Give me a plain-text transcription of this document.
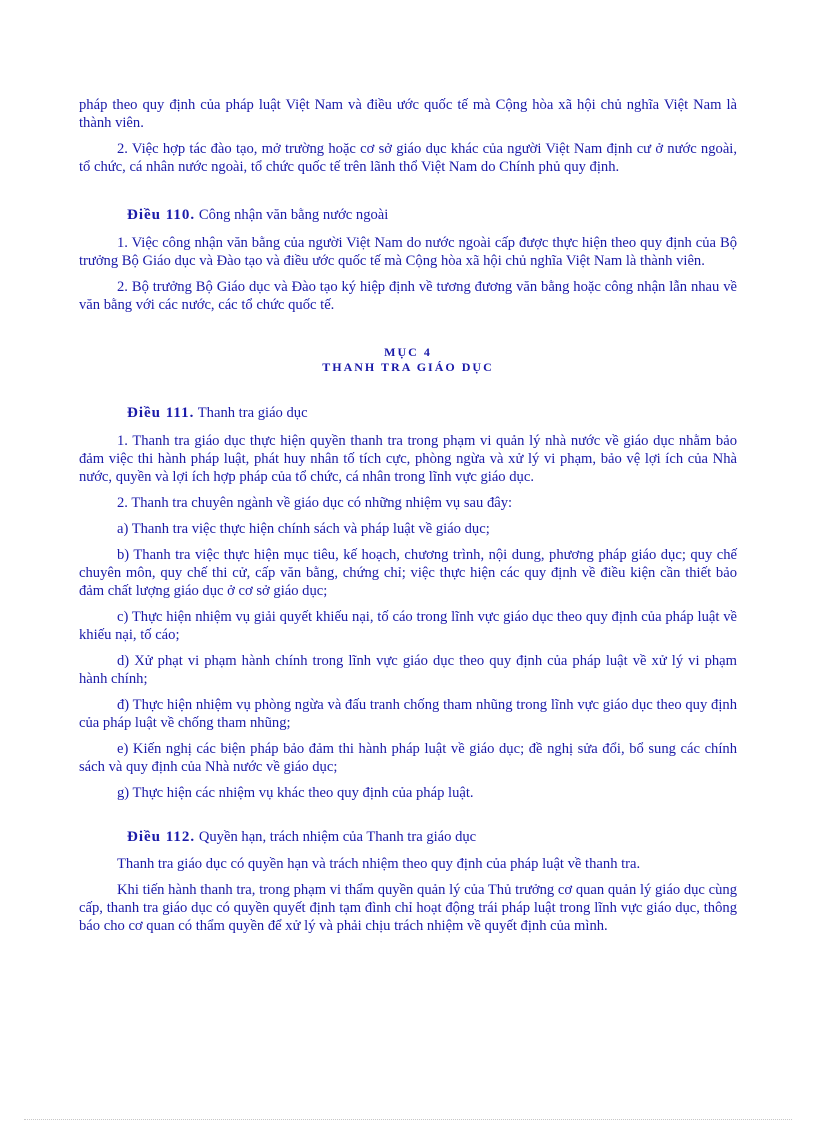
pháp theo quy định của pháp luật Việt Nam và điều ước quốc tế mà Cộng hòa xã hội chủ nghĩa Việt Nam là thành viên.

2. Việc hợp tác đào tạo, mở trường hoặc cơ sở giáo dục khác của người Việt Nam định cư ở nước ngoài, tổ chức, cá nhân nước ngoài, tổ chức quốc tế trên lãnh thổ Việt Nam do Chính phủ quy định.

Điều 110. Công nhận văn bằng nước ngoài

1. Việc công nhận văn bằng của người Việt Nam do nước ngoài cấp được thực hiện theo quy định của Bộ trưởng Bộ Giáo dục và Đào tạo và điều ước quốc tế mà Cộng hòa xã hội chủ nghĩa Việt Nam là thành viên.

2. Bộ trưởng Bộ Giáo dục và Đào tạo ký hiệp định về tương đương văn bằng hoặc công nhận lẫn nhau về văn bằng với các nước, các tổ chức quốc tế.

MỤC 4
THANH TRA GIÁO DỤC
Điều 111. Thanh tra giáo dục

1. Thanh tra giáo dục thực hiện quyền thanh tra trong phạm vi quản lý nhà nước về giáo dục nhằm bảo đảm việc thi hành pháp luật, phát huy nhân tố tích cực, phòng ngừa và xử lý vi phạm, bảo vệ lợi ích của Nhà nước, quyền và lợi ích hợp pháp của tổ chức, cá nhân trong lĩnh vực giáo dục.

2. Thanh tra chuyên ngành về giáo dục có những nhiệm vụ sau đây:

a) Thanh tra việc thực hiện chính sách và pháp luật về giáo dục;

b) Thanh tra việc thực hiện mục tiêu, kế hoạch, chương trình, nội dung, phương pháp giáo dục; quy chế chuyên môn, quy chế thi cử, cấp văn bằng, chứng chỉ; việc thực hiện các quy định về điều kiện cần thiết bảo đảm chất lượng giáo dục ở cơ sở giáo dục;

c) Thực hiện nhiệm vụ giải quyết khiếu nại, tố cáo trong lĩnh vực giáo dục theo quy định của pháp luật về khiếu nại, tố cáo;

d) Xử phạt vi phạm hành chính trong lĩnh vực giáo dục theo quy định của pháp luật về xử lý vi phạm hành chính;

đ) Thực hiện nhiệm vụ phòng ngừa và đấu tranh chống tham nhũng trong lĩnh vực giáo dục theo quy định của pháp luật về chống tham nhũng;

e) Kiến nghị các biện pháp bảo đảm thi hành pháp luật về giáo dục; đề nghị sửa đổi, bổ sung các chính sách và quy định của Nhà nước về giáo dục;

g) Thực hiện các nhiệm vụ khác theo quy định của pháp luật.

Điều 112. Quyền hạn, trách nhiệm của Thanh tra giáo dục

Thanh tra giáo dục có quyền hạn và trách nhiệm theo quy định của pháp luật về thanh tra.

Khi tiến hành thanh tra, trong phạm vi thẩm quyền quản lý của Thủ trưởng cơ quan quản lý giáo dục cùng cấp, thanh tra giáo dục có quyền quyết định tạm đình chỉ hoạt động trái pháp luật trong lĩnh vực giáo dục, thông báo cho cơ quan có thẩm quyền để xử lý và phải chịu trách nhiệm về quyết định của mình.
